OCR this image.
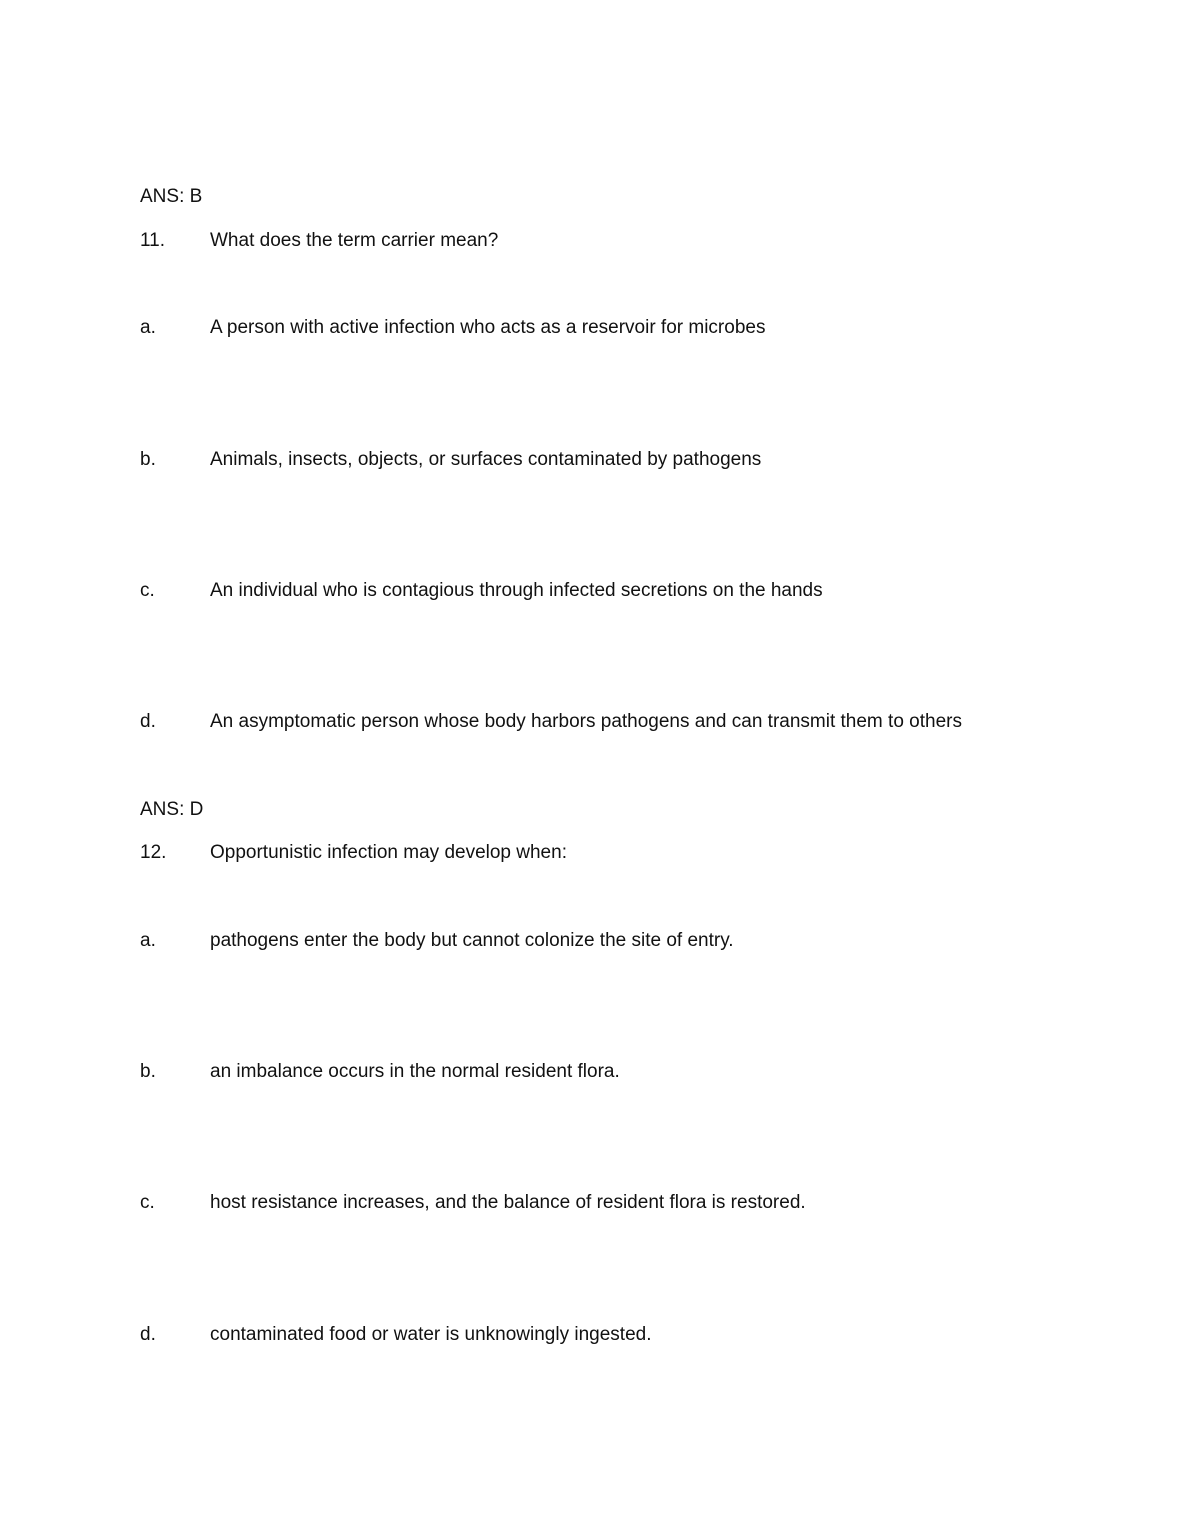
ANS: B
11. What does the term carrier mean?
a.	A person with active infection who acts as a reservoir for microbes
b.	Animals, insects, objects, or surfaces contaminated by pathogens
c.	An individual who is contagious through infected secretions on the hands
d.	An asymptomatic person whose body harbors pathogens and can transmit them to others
ANS: D
12. Opportunistic infection may develop when:
a.	pathogens enter the body but cannot colonize the site of entry.
b.	an imbalance occurs in the normal resident flora.
c.	host resistance increases, and the balance of resident flora is restored.
d.	contaminated food or water is unknowingly ingested.
